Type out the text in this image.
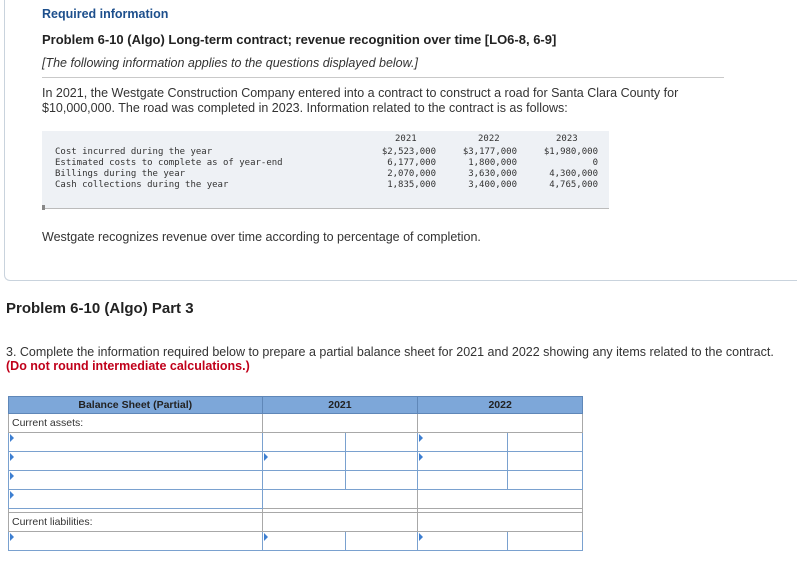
Required information
Problem 6-10 (Algo) Long-term contract; revenue recognition over time [LO6-8, 6-9]
[The following information applies to the questions displayed below.]
In 2021, the Westgate Construction Company entered into a contract to construct a road for Santa Clara County for $10,000,000. The road was completed in 2023. Information related to the contract is as follows:
2021	2022	2023
Cost incurred during the year	$2,523,000	$3,177,000	$1,980,000
Estimated costs to complete as of year-end	6,177,000	1,800,000	0
Billings during the year	2,070,000	3,630,000	4,300,000
Cash collections during the year	1,835,000	3,400,000	4,765,000
Westgate recognizes revenue over time according to percentage of completion.
Problem 6-10 (Algo) Part 3
3. Complete the information required below to prepare a partial balance sheet for 2021 and 2022 showing any items related to the contract. (Do not round intermediate calculations.)
Balance Sheet (Partial)	2021		2022	
Current assets:				

Current liabilities:				
